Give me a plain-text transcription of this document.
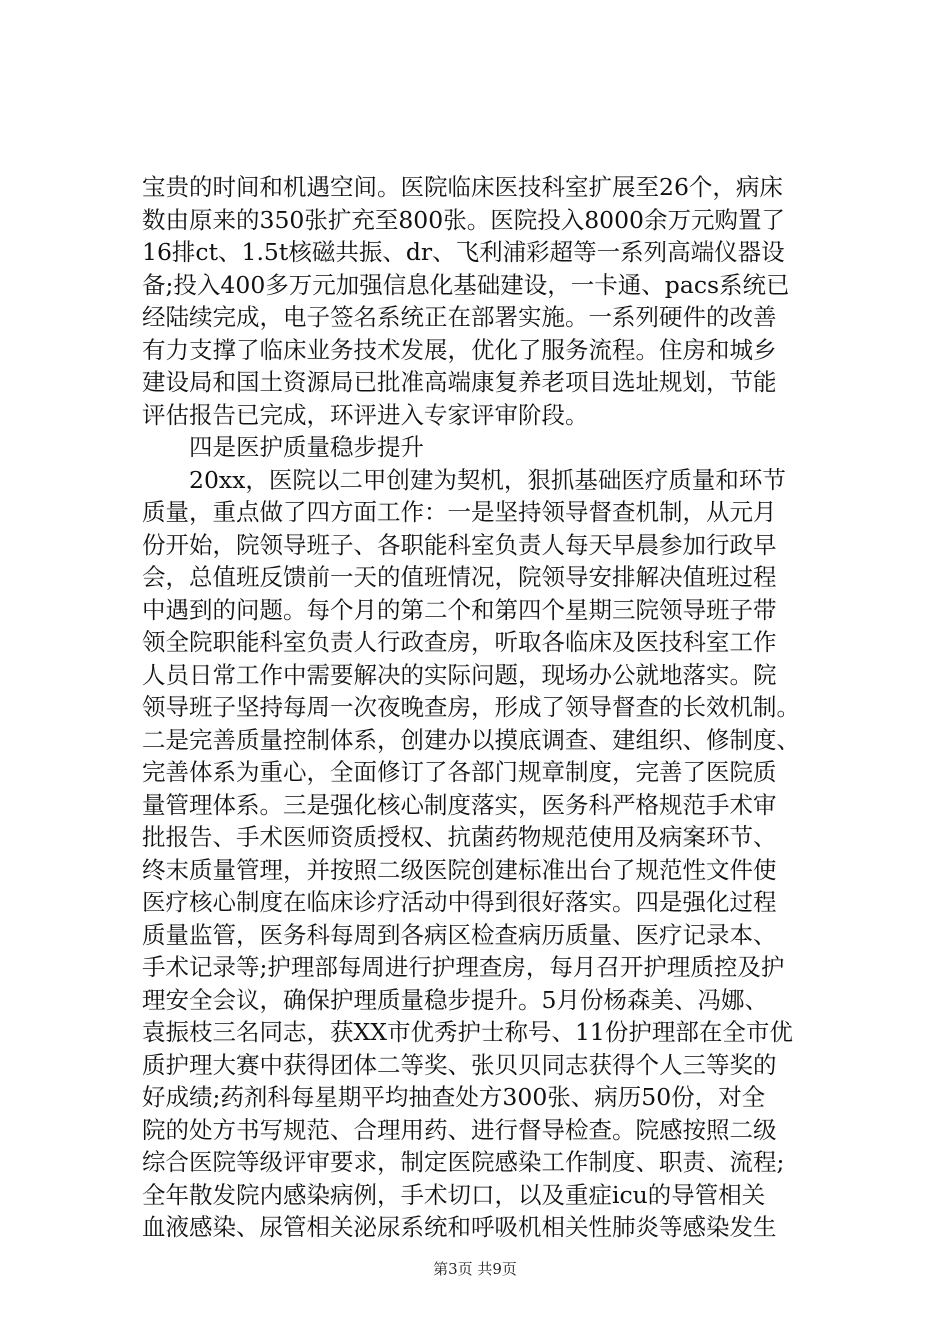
宝贵的时间和机遇空间。医院临床医技科室扩展至26个，病床
数由原来的350张扩充至800张。医院投入8000余万元购置了
16排ct、1.5t核磁共振、dr、飞利浦彩超等一系列高端仪器设
备;投入400多万元加强信息化基础建设，一卡通、pacs系统已
经陆续完成，电子签名系统正在部署实施。一系列硬件的改善
有力支撑了临床业务技术发展，优化了服务流程。住房和城乡
建设局和国土资源局已批准高端康复养老项目选址规划，节能
评估报告已完成，环评进入专家评审阶段。
　　四是医护质量稳步提升
　　20xx，医院以二甲创建为契机，狠抓基础医疗质量和环节
质量，重点做了四方面工作：一是坚持领导督查机制，从元月
份开始，院领导班子、各职能科室负责人每天早晨参加行政早
会，总值班反馈前一天的值班情况，院领导安排解决值班过程
中遇到的问题。每个月的第二个和第四个星期三院领导班子带
领全院职能科室负责人行政查房，听取各临床及医技科室工作
人员日常工作中需要解决的实际问题，现场办公就地落实。院
领导班子坚持每周一次夜晚查房，形成了领导督查的长效机制。
二是完善质量控制体系，创建办以摸底调查、建组织、修制度、
完善体系为重心，全面修订了各部门规章制度，完善了医院质
量管理体系。三是强化核心制度落实，医务科严格规范手术审
批报告、手术医师资质授权、抗菌药物规范使用及病案环节、
终末质量管理，并按照二级医院创建标准出台了规范性文件使
医疗核心制度在临床诊疗活动中得到很好落实。四是强化过程
质量监管，医务科每周到各病区检查病历质量、医疗记录本、
手术记录等;护理部每周进行护理查房，每月召开护理质控及护
理安全会议，确保护理质量稳步提升。5月份杨森美、冯娜、
袁振枝三名同志，获XX市优秀护士称号、11份护理部在全市优
质护理大赛中获得团体二等奖、张贝贝同志获得个人三等奖的
好成绩;药剂科每星期平均抽查处方300张、病历50份，对全
院的处方书写规范、合理用药、进行督导检查。院感按照二级
综合医院等级评审要求，制定医院感染工作制度、职责、流程;
全年散发院内感染病例，手术切口，以及重症icu的导管相关
血液感染、尿管相关泌尿系统和呼吸机相关性肺炎等感染发生
第3页 共9页
